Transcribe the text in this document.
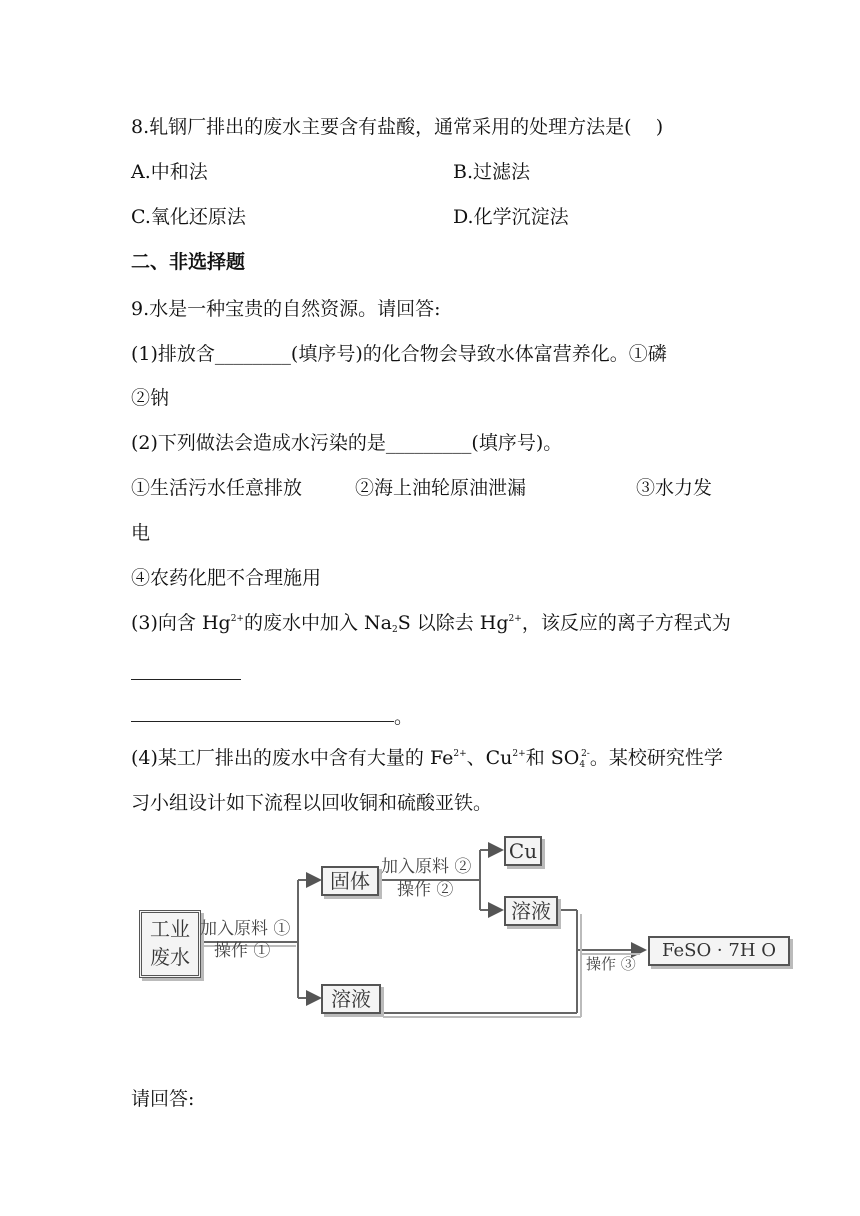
8.轧钢厂排出的废水主要含有盐酸，通常采用的处理方法是(    )
A.中和法	B.过滤法
C.氧化还原法	D.化学沉淀法
二、非选择题
9.水是一种宝贵的自然资源。请回答:
(1)排放含________(填序号)的化合物会导致水体富营养化。①磷
②钠
(2)下列做法会造成水污染的是_________(填序号)。
①生活污水任意排放	②海上油轮原油泄漏	③水力发
电
④农药化肥不合理施用
(3)向含 $Hg^{2+}$的废水中加入 $Na_2S$ 以除去 $Hg^{2+}$，该反应的离子方程式为
。
(4)某工厂排出的废水中含有大量的 $Fe^{2+}$、$Cu^{2+}$和 $SO_4^{2-}$。某校研究性学
习小组设计如下流程以回收铜和硫酸亚铁。
工业
废水
加入原料 ①
操作 ①
固体
溶液
加入原料 ②
操作 ②
Cu
溶液
操作 ③
FeSO · 7H O
请回答:
